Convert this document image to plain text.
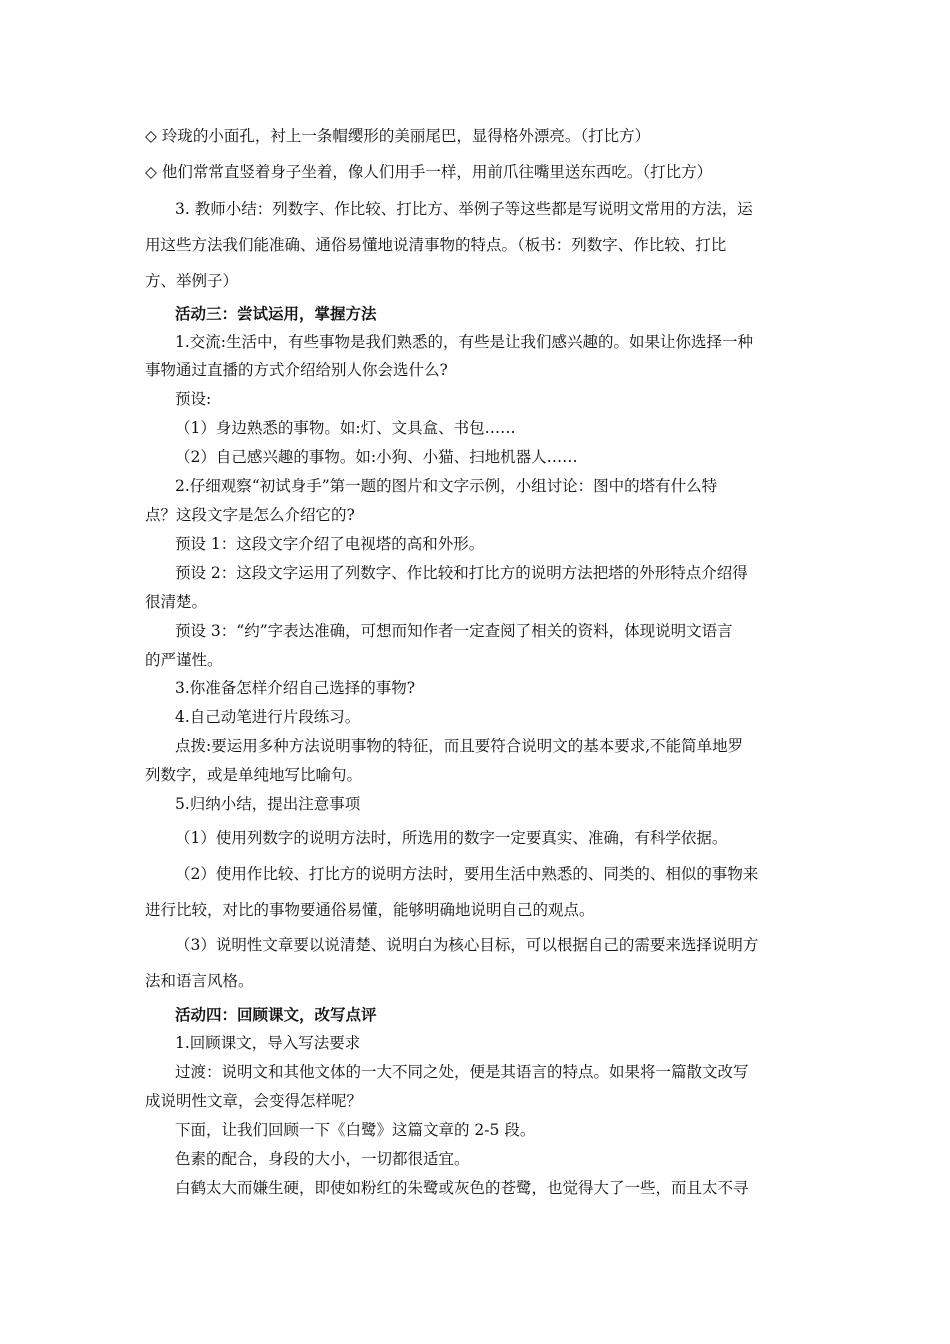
◇ 玲珑的小面孔，衬上一条帽缨形的美丽尾巴，显得格外漂亮。（打比方）
◇ 他们常常直竖着身子坐着，像人们用手一样，用前爪往嘴里送东西吃。（打比方）
3. 教师小结：列数字、作比较、打比方、举例子等这些都是写说明文常用的方法，运
用这些方法我们能准确、通俗易懂地说清事物的特点。（板书：列数字、作比较、打比
方、举例子）
活动三：尝试运用，掌握方法
1.交流:生活中，有些事物是我们熟悉的，有些是让我们感兴趣的。如果让你选择一种
事物通过直播的方式介绍给别人你会选什么?
预设:
（1）身边熟悉的事物。如:灯、文具盒、书包……
（2）自己感兴趣的事物。如:小狗、小猫、扫地机器人……
2.仔细观察“初试身手”第一题的图片和文字示例，小组讨论：图中的塔有什么特
点？这段文字是怎么介绍它的?
预设 1：这段文字介绍了电视塔的高和外形。
预设 2：这段文字运用了列数字、作比较和打比方的说明方法把塔的外形特点介绍得
很清楚。
预设 3：“约”字表达准确，可想而知作者一定查阅了相关的资料，体现说明文语言
的严谨性。
3.你准备怎样介绍自己选择的事物?
4.自己动笔进行片段练习。
点拨:要运用多种方法说明事物的特征，而且要符合说明文的基本要求,不能简单地罗
列数字，或是单纯地写比喻句。
5.归纳小结，提出注意事项
（1）使用列数字的说明方法时，所选用的数字一定要真实、准确，有科学依据。
（2）使用作比较、打比方的说明方法时，要用生活中熟悉的、同类的、相似的事物来
进行比较，对比的事物要通俗易懂，能够明确地说明自己的观点。
（3）说明性文章要以说清楚、说明白为核心目标，可以根据自己的需要来选择说明方
法和语言风格。
活动四：回顾课文，改写点评
1.回顾课文，导入写法要求
过渡：说明文和其他文体的一大不同之处，便是其语言的特点。如果将一篇散文改写
成说明性文章，会变得怎样呢？
下面，让我们回顾一下《白鹭》这篇文章的 2-5 段。
色素的配合，身段的大小，一切都很适宜。
白鹤太大而嫌生硬，即使如粉红的朱鹭或灰色的苍鹭，也觉得大了一些，而且太不寻
